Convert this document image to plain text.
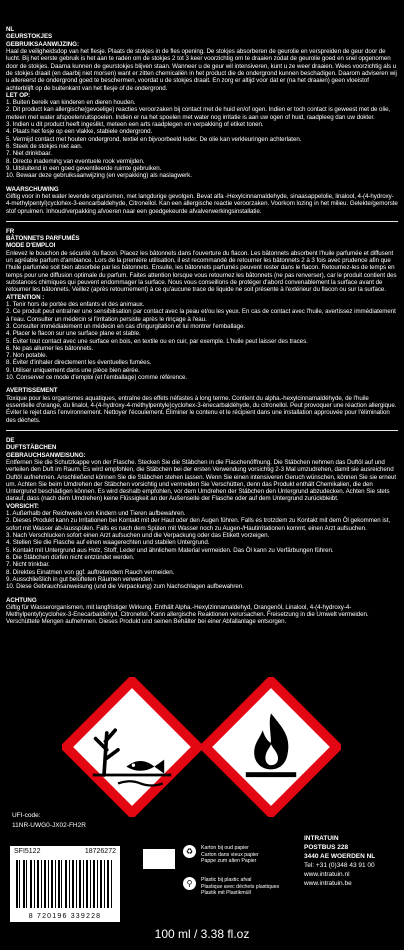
NL
GEURSTOKJES
GEBRUIKSAANWIJZING:

Haal de veiligheidsdop van het flesje. Plaats de stokjes in de fles opening. De stokjes absorberen de geurolie en verspreiden de geur door de lucht. Bij het eerste gebruik is het aan te raden om de stokjes 2 tot 3 keer voorzichtig om te draaien zodat de geurolie goed en snel opgenomen door de stokjes. Daarna kunnen de geurstokjes blijven staan. Wanneer u de geur wil intensiveren, kunt u ze weer draaien. Wees voorzichtig als u de stokjes draait (en daarbij niet morsen) want er zitten chemicaliën in het product die de ondergrond kunnen beschadigen. Daarom adviseren wij u allereerst de ondergrond goed te beschermen, voordat u de stokjes draait. En zorg er altijd voor dat er (na het draaien) geen vloeistof achterblijft op de buitenkant van het flesje of de ondergrond.

LET OP:
1. Buiten bereik van kinderen en dieren houden.
2. Dit product kan allergische(gevoelige) reacties veroorzaken bij contact met de huid en/of ogen. Indien er toch contact is geweest met de olie, meteen met water afspoelen/uitspoelen. Indien er na het spoelen met water nog irritatie is aan uw ogen of huid, raadpleeg dan uw dokter.
3. Indien u dit product heeft ingeslikt, meteen een arts raadplegen en verpakking of etiket tonen.
4. Plaats het fesje op een vlakke, stabiele ondergrond.
5. Vermijd contact met houten ondergrond, textiel en bijvoorbeeld leder. De olie kan verkleuringen achterlaten.
6. Steek de stokjes niet aan.
7. Niet drinkbaar.
8. Directe inademing van eventuele rook vermijden.
9. Uitsluitend in een goed geventileerde ruimte gebruiken.
10. Bewaar deze gebruiksaanwijzing (en verpakking) als naslagwerk.
WAARSCHUWING

Giftig voor in het water levende organismen, met langdurige gevolgen. Bevat alfa -Hexylcinnamaldehyde, sinaasappelolie, linalool, 4-(4-hydroxy-4-methylpentyl)cyclohex-3-eencarbaldehyde, Citronellol. Kan een allergische reactie veroorzaken. Voorkom lozing in het milieu. Gelekte/gemorste stof opruimen. Inhoud/verpakking afvoeren naar een goedgekeurde afvalverwerkingsinstallatie.

FR
BÂTONNETS PARFUMÉS
MODE D'EMPLOI

Enlevez le bouchon de sécurité du flacon. Placez les bâtonnets dans l'ouverture du flacon. Les bâtonnets absorbent l'huile parfumée et diffusent un agréable parfum d'ambiance. Lors de la première utilisation, il est recommandé de retourner les bâtonnets 2 à 3 fois avec prudence afin que l'huile parfumée soit bien absorbée par les bâtonnets. Ensuite, les bâtonnets parfumés peuvent rester dans le flacon. Retournez-les de temps en temps pour une diffusion optimale du parfum. Faites attention lorsque vous retournez les bâtonnets (ne pas renverser), car le produit contient des substances chimiques qui peuvent endommager la surface. Nous vous conseillons de protéger d'abord convenablement la surface avant de retourner les bâtonnets. Veillez (après retournement) à ce qu'aucune trace de liquide ne soit présente à l'extérieur du flacon ou sur la surface.

ATTENTION :
1. Tenir hors de portée des enfants et des animaux.
2. Ce produit peut entraîner une sensibilisation par contact avec la peau et/ou les yeux. En cas de contact avec l'huile, avertissez immédiatement à l'eau. Consulter un médecin si l'irritation persiste après le rinçage à l'eau.
3. Consulter immédiatement un médecin en cas d'ingurgitation et lui montrer l'emballage.
4. Placer le flacon sur une surface plane et stable.
5. Éviter tout contact avec une surface en bois, en textile ou en cuir, par exemple. L'huile peut laisser des traces.
6. Ne pas allumer les bâtonnets.
7. Non potable.
8. Éviter d'inhaler directement les éventuelles fumées.
9. Utiliser uniquement dans une pièce bien aérée.
10. Conserver ce mode d'emploi (et l'emballage) comme référence.
AVERTISSEMENT

Toxique pour les organismes aquatiques, entraîne des effets néfastes à long terme. Contient du alpha.-hexylcinnamaldéhyde, de l'huile essentielle d'orange, du linalol, 4-(4-hydroxy-4-méthylpentyle)cyclohex-3-ènecarbaldéhyde, du citronellol. Peut provoquer une réaction allergique. Éviter le rejet dans l'environnement. Nettoyer l'écoulement. Éliminer le contenu et le récipient dans une installation approuvée pour l'élimination des déchets.

DE
DUFTSTÄBCHEN
GEBRAUCHSANWEISUNG:

Entfernen Sie die Schutzkappe von der Flasche. Stecken Sie die Stäbchen in die Flaschenöffnung. Die Stäbchen nehmen das Duftöl auf und verteilen den Duft im Raum. Es wird empfohlen, die Stäbchen bei der ersten Verwendung vorsichtig 2-3 Mal umzudrehen, damit sie ausreichend Duftöl aufnehmen. Anschließend können Sie die Stäbchen stehen lassen. Wenn Sie einen intensiveren Geruch wünschen, können Sie sie erneut um. Achten Sie beim Umdrehen der Stäbchen vorsichtig und vermeiden Sie Verschütten, denn das Produkt enthält Chemikalien, die den Untergrund beschädigen können. Es wird deshalb empfohlen, vor dem Umdrehen der Stäbchen den Untergrund abzudecken. Achten Sie stets darauf, dass (nach dem Umdrehen) keine Flüssigkeit an der Außenseite der Flasche oder auf dem Untergrund zurückbleibt.

VORSICHT:
1. Außerhalb der Reichweite von Kindern und Tieren aufbewahren.
2. Dieses Produkt kann zu Irritationen bei Kontakt mit der Haut oder den Augen führen. Falls es trotzdem zu Kontakt mit dem Öl gekommen ist, sofort mit Wasser ab-/ausspülen. Falls es nach dem Spülen mit Wasser noch zu Augen-/Hautirritationen kommt, einen Arzt aufsuchen.
3. Nach Verschlucken sofort einen Arzt aufsuchen und die Verpackung oder das Etikett vorzeigen.
4. Stellen Sie die Flasche auf einen waagerechten und stabilen Untergrund.
5. Kontakt mit Untergrund aus Holz, Stoff, Leder und ähnlichem Material vermeiden. Das Öl kann zu Verfärbungen führen.
6. Die Stäbchen dürfen nicht entzündet werden.
7. Nicht trinkbar.
8. Direktes Einatmen von ggf. auftretendem Rauch vermeiden.
9. Ausschließlich in gut belüfteten Räumen verwenden.
10. Diese Gebrauchsanweisung (und die Verpackung) zum Nachschlagen aufbewahren.
ACHTUNG

Giftig für Wasserorganismen, mit langfristiger Wirkung. Enthält Alpha.-Hexylzinnamaldehyd, Orangenöl, Linalool, 4-(4-hydroxy-4-Methylpentyl)cyclohex-3-Enecarbaldehyd, Citronellol. Kann allergische Reaktionen verursachen. Freisetzung in die Umwelt vermeiden. Verschüttete Mengen aufnehmen. Dieses Produkt und seinen Behälter bei einer Abfallanlage entsorgen.

UFI-code:
11NR-UWG0-JX02-FH2R
SFI5122	18726272
8 720196 339228
♻	Karton bij oud papier
Carton dans vieux papier
Pappe zum alten Papier
⚲	Plastic bij plastic afval
Plastique avec déchets plastiques
Plastik mit Plastikmüll
INTRATUIN
POSTBUS 228
3440 AE WOERDEN NL
Tel: +31 (0)348 43 91 00
www.intratuin.nl
www.intratuin.be
100 ml / 3.38 fl.oz
